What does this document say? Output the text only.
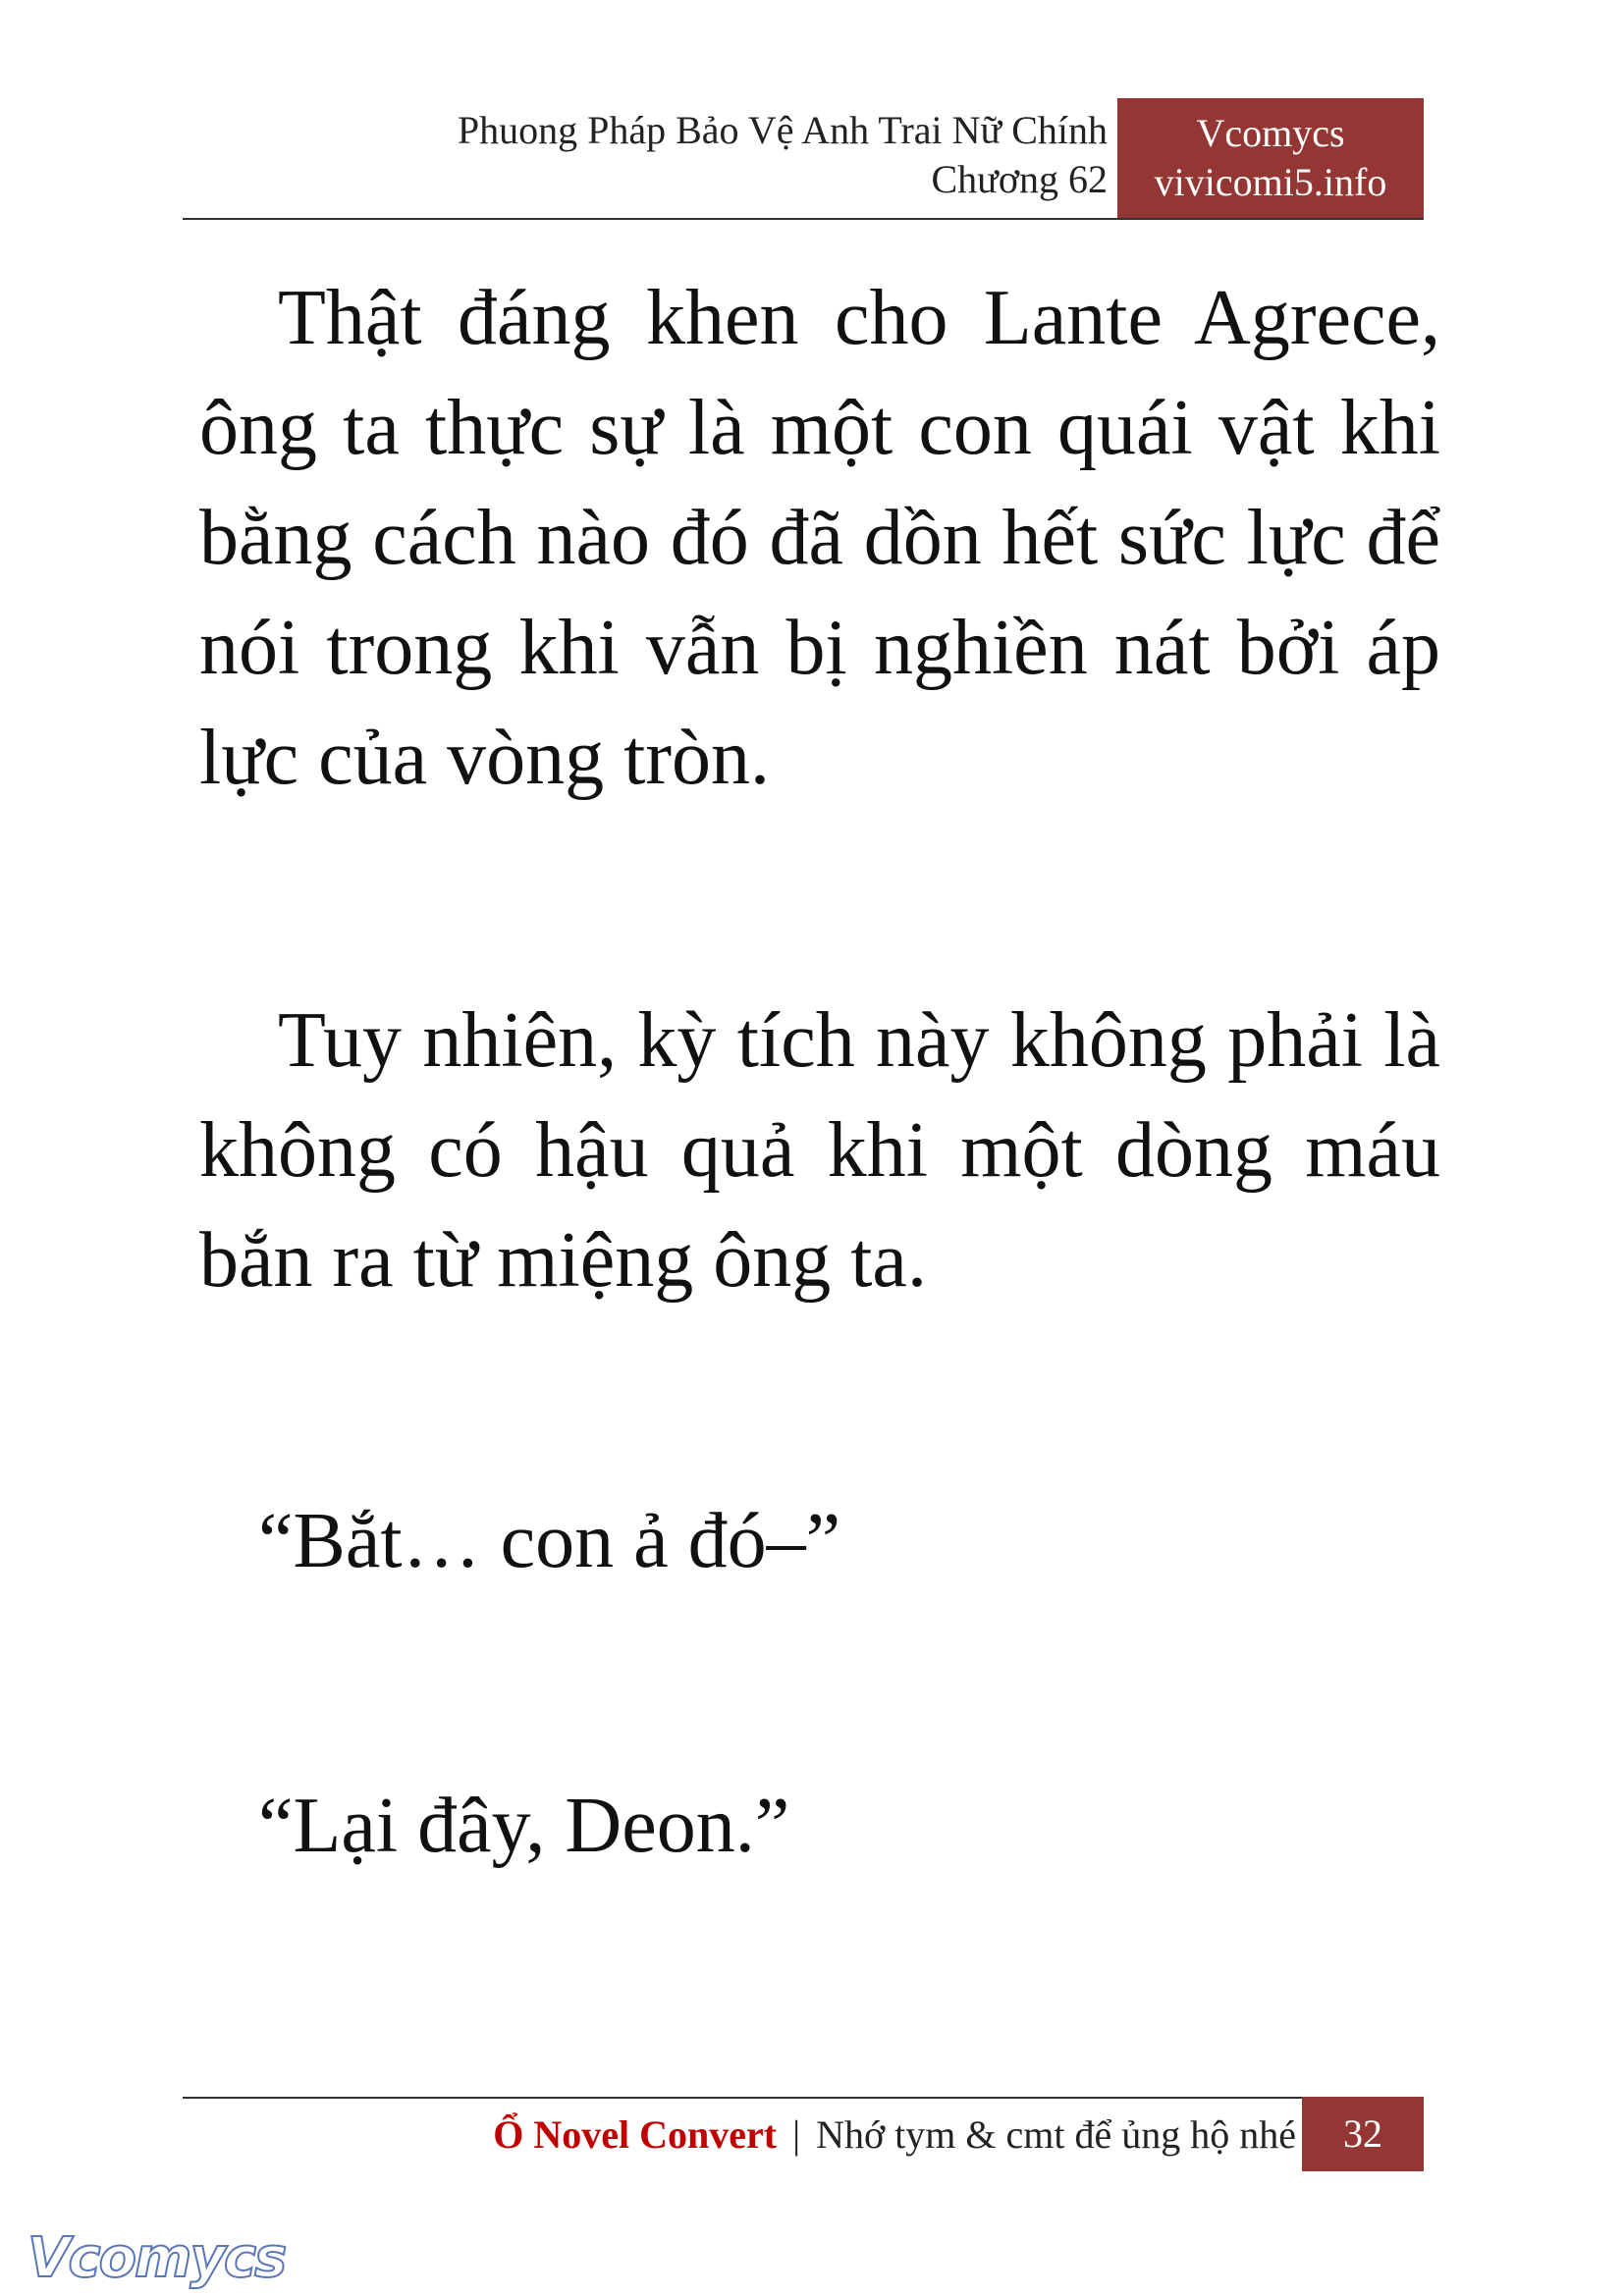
Phuong Pháp Bảo Vệ Anh Trai Nữ Chính
Chương 62
Vcomycs
vivicomi5.info

Thật đáng khen cho Lante Agrece, ông ta thực sự là một con quái vật khi bằng cách nào đó đã dồn hết sức lực để nói trong khi vẫn bị nghiền nát bởi áp lực của vòng tròn.

Tuy nhiên, kỳ tích này không phải là không có hậu quả khi một dòng máu bắn ra từ miệng ông ta.

“Bắt… con ả đó–”

“Lại đây, Deon.”

Ổ Novel Convert | Nhớ tym & cmt để ủng hộ nhé	32
Vcomycs
